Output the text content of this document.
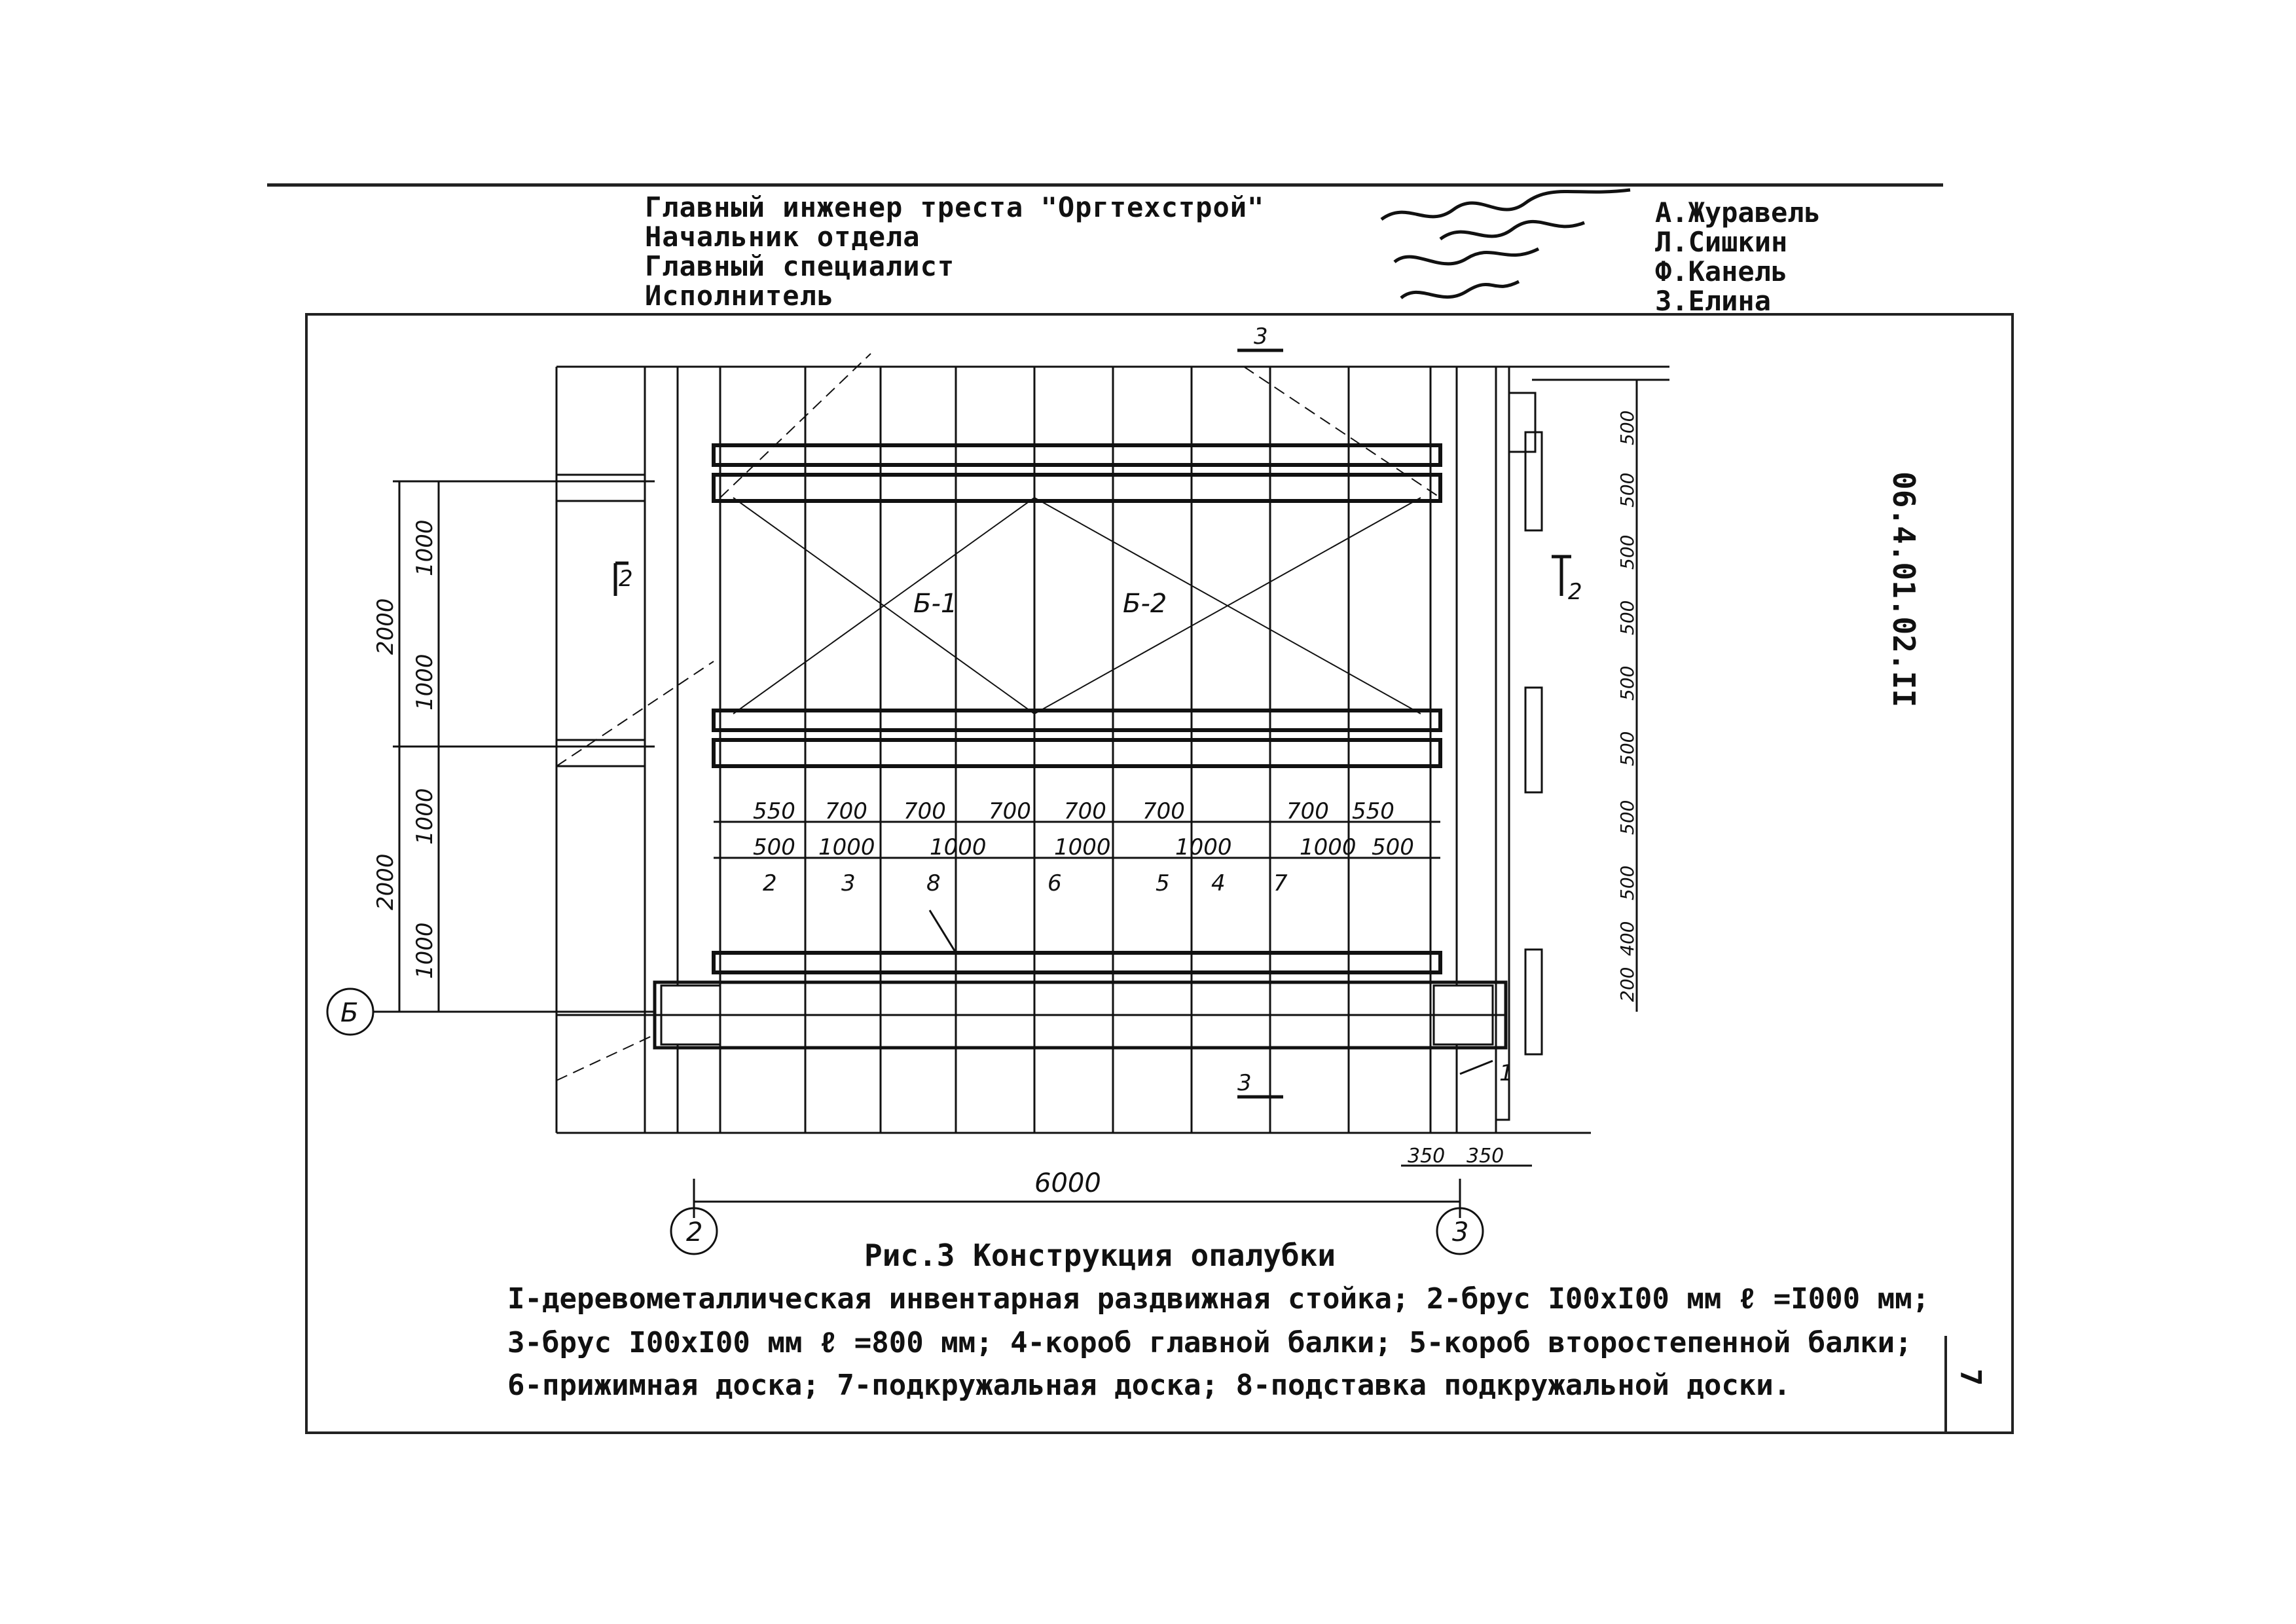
Главный инженер треста "Оргтехстрой"
Начальник отдела
Главный специалист
Исполнитель
А.Журавель
Л.Сишкин
Ф.Канель
З.Елина
06.4.01.02.II
7
550 700 700 700 700 700	700 550
500 1000 1000	1000	1000	1000 500
1000
1000
1000
1000
2000
2000
500
500
500
500
500
500
500
500
400
200
350 350
6000
3
3
2
2
Б-1	Б-2
2	3	8	6	5 4 7
1
2	3
Б
Рис.3 Конструкция опалубки
I-деревометаллическая инвентарная раздвижная стойка; 2-брус I00xI00 мм ℓ =I000 мм;
3-брус I00xI00 мм ℓ =800 мм; 4-короб главной балки; 5-короб второстепенной балки;
6-прижимная доска; 7-подкружальная доска; 8-подставка подкружальной доски.
